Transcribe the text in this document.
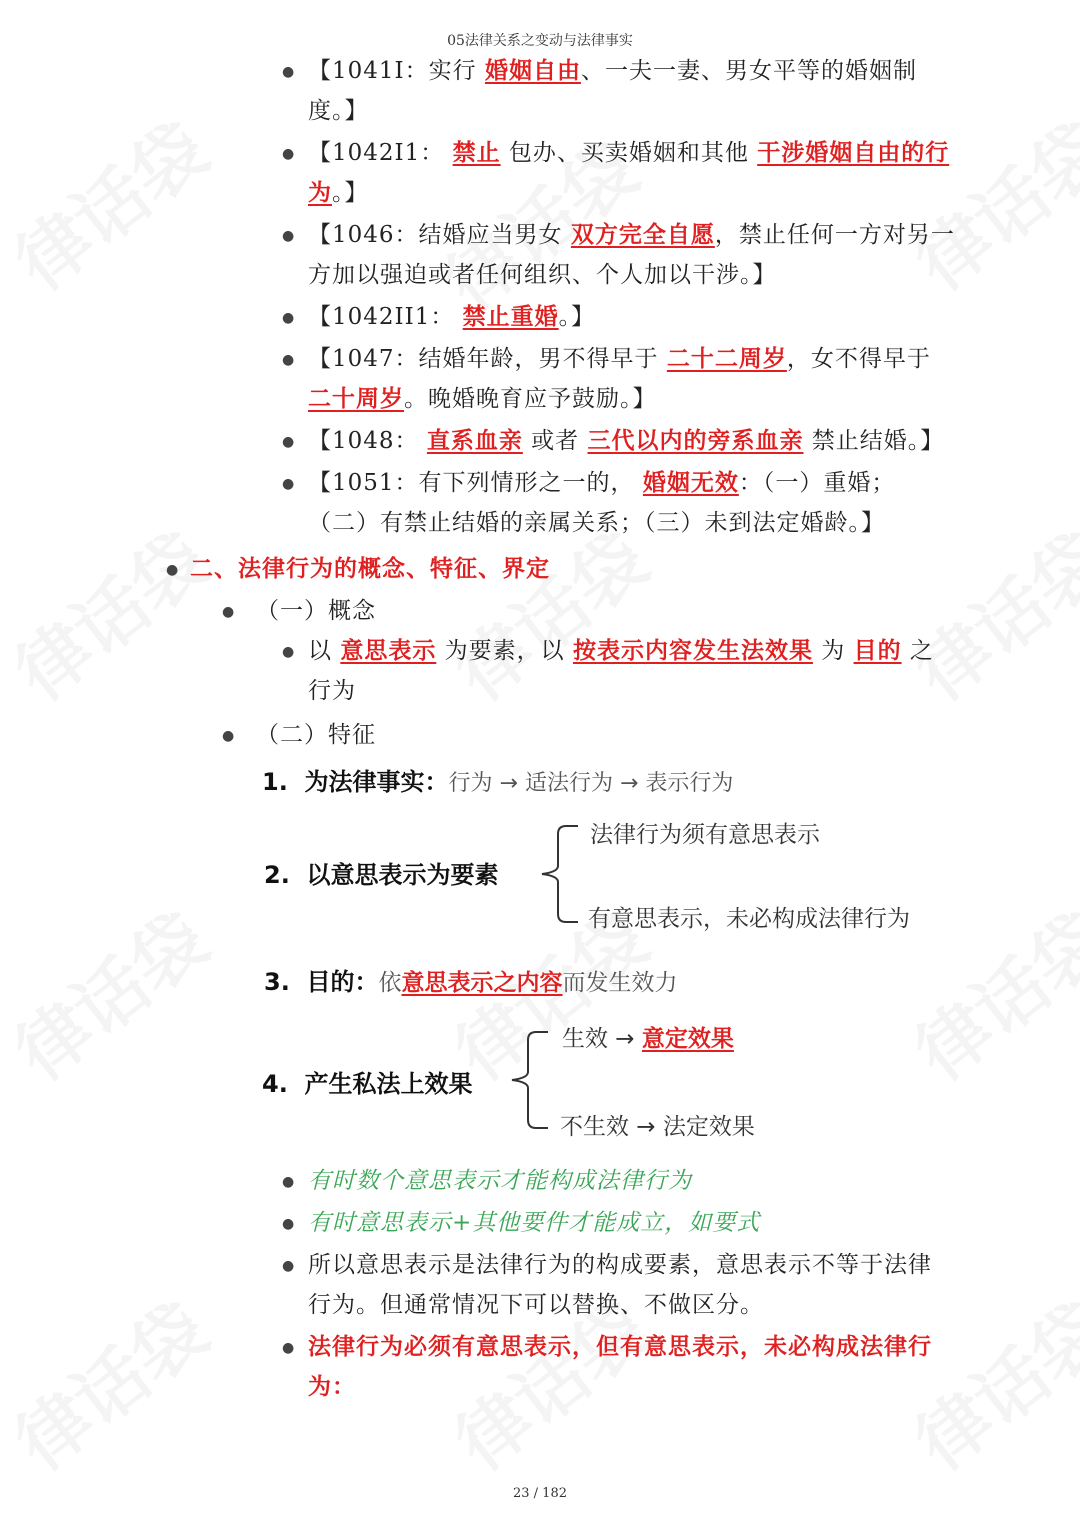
05法律关系之变动与法律事实
● 【1041I：实行 婚姻自由、一夫一妻、男女平等的婚姻制
度。】
● 【1042I1： 禁止 包办、买卖婚姻和其他 干涉婚姻自由的行
为。】
● 【1046：结婚应当男女 双方完全自愿，禁止任何一方对另一
方加以强迫或者任何组织、个人加以干涉。】
● 【1042II1： 禁止重婚。】
● 【1047：结婚年龄，男不得早于 二十二周岁，女不得早于
二十周岁。晚婚晚育应予鼓励。】
● 【1048： 直系血亲 或者 三代以内的旁系血亲 禁止结婚。】
● 【1051：有下列情形之一的， 婚姻无效：（一）重婚；
（二）有禁止结婚的亲属关系；（三）未到法定婚龄。】
● 二、法律行为的概念、特征、界定
● （一）概念
● 以 意思表示 为要素，以 按表示内容发生法效果 为 目的 之
行为
● （二）特征
1. 为法律事实：行为 → 适法行为 → 表示行为
2. 以意思表示为要素
法律行为须有意思表示
有意思表示，未必构成法律行为
3. 目的：依意思表示之内容而发生效力
4. 产生私法上效果
生效 → 意定效果
不生效 → 法定效果
● 有时数个意思表示才能构成法律行为
● 有时意思表示+其他要件才能成立，如要式
● 所以意思表示是法律行为的构成要素，意思表示不等于法律
行为。但通常情况下可以替换、不做区分。
● 法律行为必须有意思表示，但有意思表示，未必构成法律行
为：
23 / 182
